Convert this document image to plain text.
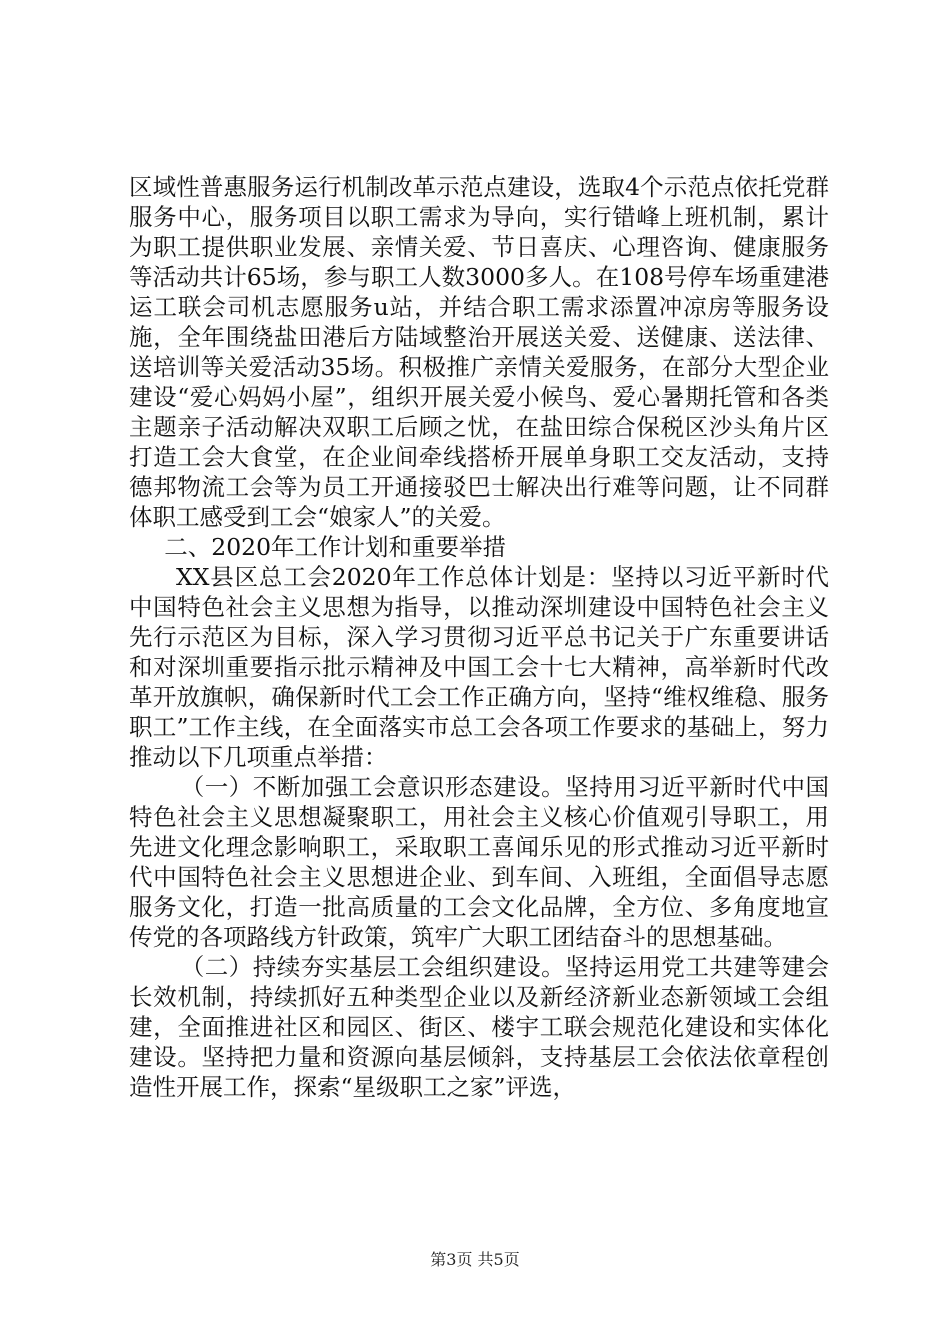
区域性普惠服务运行机制改革示范点建设，选取4个示范点依托党群服务中心，服务项目以职工需求为导向，实行错峰上班机制，累计为职工提供职业发展、亲情关爱、节日喜庆、心理咨询、健康服务等活动共计65场，参与职工人数3000多人。在108号停车场重建港运工联会司机志愿服务u站，并结合职工需求添置冲凉房等服务设施，全年围绕盐田港后方陆域整治开展送关爱、送健康、送法律、送培训等关爱活动35场。积极推广亲情关爱服务，在部分大型企业建设“爱心妈妈小屋”，组织开展关爱小候鸟、爱心暑期托管和各类主题亲子活动解决双职工后顾之忧，在盐田综合保税区沙头角片区打造工会大食堂，在企业间牵线搭桥开展单身职工交友活动，支持德邦物流工会等为员工开通接驳巴士解决出行难等问题，让不同群体职工感受到工会“娘家人”的关爱。

二、2020年工作计划和重要举措

XX县区总工会2020年工作总体计划是：坚持以习近平新时代中国特色社会主义思想为指导，以推动深圳建设中国特色社会主义先行示范区为目标，深入学习贯彻习近平总书记关于广东重要讲话和对深圳重要指示批示精神及中国工会十七大精神，高举新时代改革开放旗帜，确保新时代工会工作正确方向，坚持“维权维稳、服务职工”工作主线，在全面落实市总工会各项工作要求的基础上，努力推动以下几项重点举措：

（一）不断加强工会意识形态建设。坚持用习近平新时代中国特色社会主义思想凝聚职工，用社会主义核心价值观引导职工，用先进文化理念影响职工，采取职工喜闻乐见的形式推动习近平新时代中国特色社会主义思想进企业、到车间、入班组，全面倡导志愿服务文化，打造一批高质量的工会文化品牌，全方位、多角度地宣传党的各项路线方针政策，筑牢广大职工团结奋斗的思想基础。

（二）持续夯实基层工会组织建设。坚持运用党工共建等建会长效机制，持续抓好五种类型企业以及新经济新业态新领域工会组建，全面推进社区和园区、街区、楼宇工联会规范化建设和实体化建设。坚持把力量和资源向基层倾斜，支持基层工会依法依章程创造性开展工作，探索“星级职工之家”评选，

第3页 共5页
